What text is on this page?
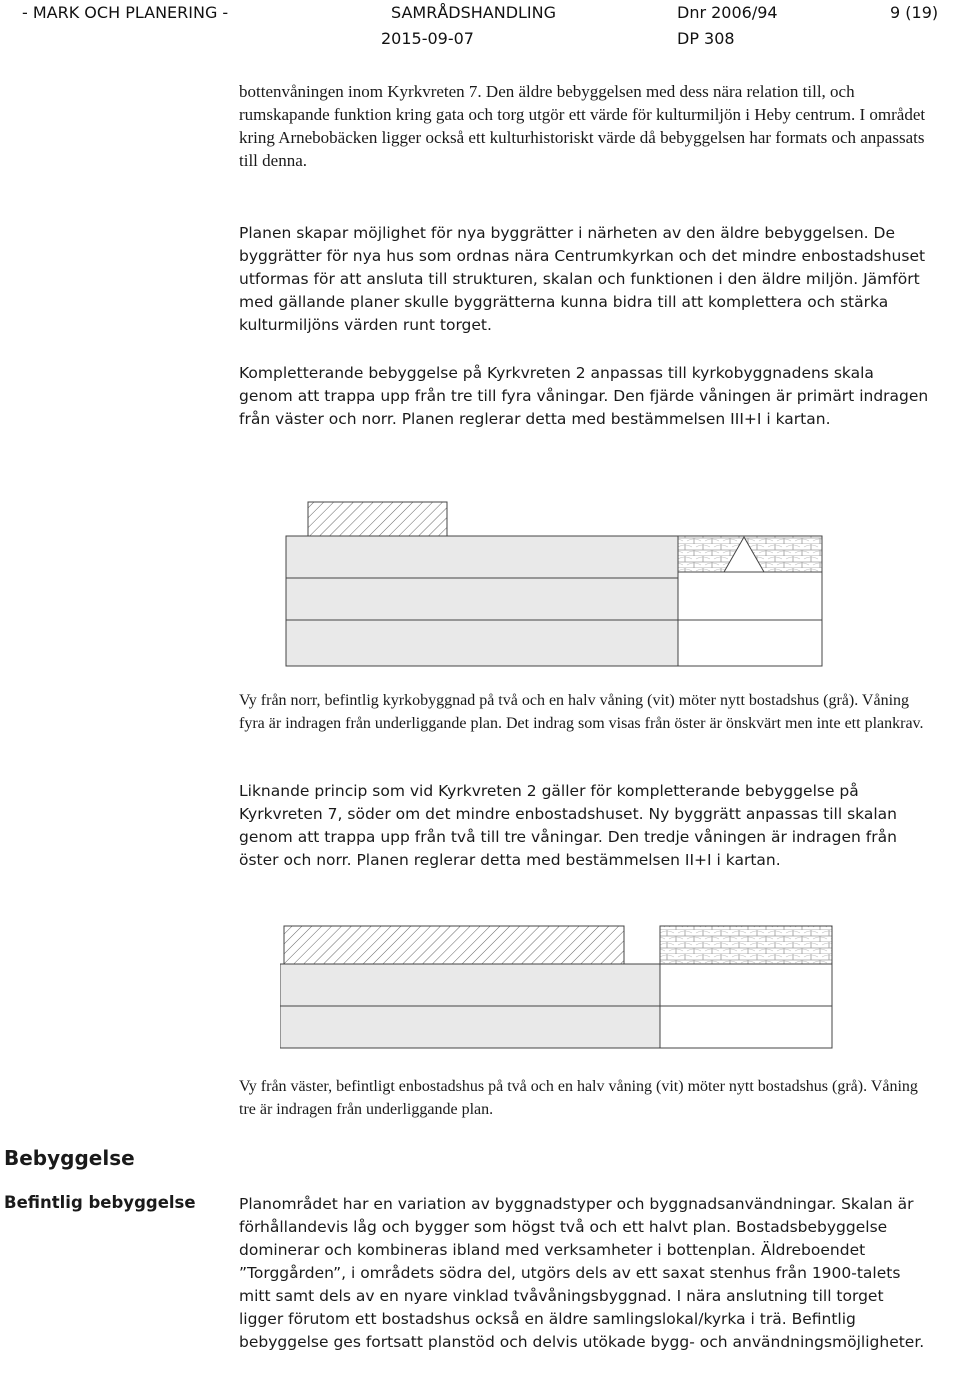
- MARK OCH PLANERING -	SAMRÅDSHANDLING
2015-09-07
Dnr 2006/94
DP 308
9 (19)

bottenvåningen inom Kyrkvreten 7. Den äldre bebyggelsen med dess nära relation till, och rumskapande funktion kring gata och torg utgör ett värde för kulturmiljön i Heby centrum. I området kring Arnebobäcken ligger också ett kulturhistoriskt värde då bebyggelsen har formats och anpassats till denna.

Planen skapar möjlighet för nya byggrätter i närheten av den äldre bebyggelsen. De byggrätter för nya hus som ordnas nära Centrumkyrkan och det mindre enbostadshuset utformas för att ansluta till strukturen, skalan och funktionen i den äldre miljön. Jämfört med gällande planer skulle byggrätterna kunna bidra till att komplettera och stärka kulturmiljöns värden runt torget.

Kompletterande bebyggelse på Kyrkvreten 2 anpassas till kyrkobyggnadens skala genom att trappa upp från tre till fyra våningar. Den fjärde våningen är primärt indragen från väster och norr. Planen reglerar detta med bestämmelsen III+I i kartan.

Vy från norr, befintlig kyrkobyggnad på två och en halv våning (vit) möter nytt bostadshus (grå). Våning fyra är indragen från underliggande plan. Det indrag som visas från öster är önskvärt men inte ett plankrav.

Liknande princip som vid Kyrkvreten 2 gäller för kompletterande bebyggelse på Kyrkvreten 7, söder om det mindre enbostadshuset. Ny byggrätt anpassas till skalan genom att trappa upp från två till tre våningar. Den tredje våningen är indragen från öster och norr. Planen reglerar detta med bestämmelsen II+I i kartan.

Vy från väster, befintligt enbostadshus på två och en halv våning (vit) möter nytt bostadshus (grå). Våning tre är indragen från underliggande plan.

Bebyggelse
Befintlig bebyggelse	Planområdet har en variation av byggnadstyper och byggnadsanvändningar. Skalan är förhållandevis låg och bygger som högst två och ett halvt plan. Bostadsbebyggelse dominerar och kombineras ibland med verksamheter i bottenplan. Äldreboendet ”Torggården”, i områdets södra del, utgörs dels av ett saxat stenhus från 1900-talets mitt samt dels av en nyare vinklad tvåvåningsbyggnad. I nära anslutning till torget ligger förutom ett bostadshus också en äldre samlingslokal/kyrka i trä. Befintlig bebyggelse ges fortsatt planstöd och delvis utökade bygg- och användningsmöjligheter.
